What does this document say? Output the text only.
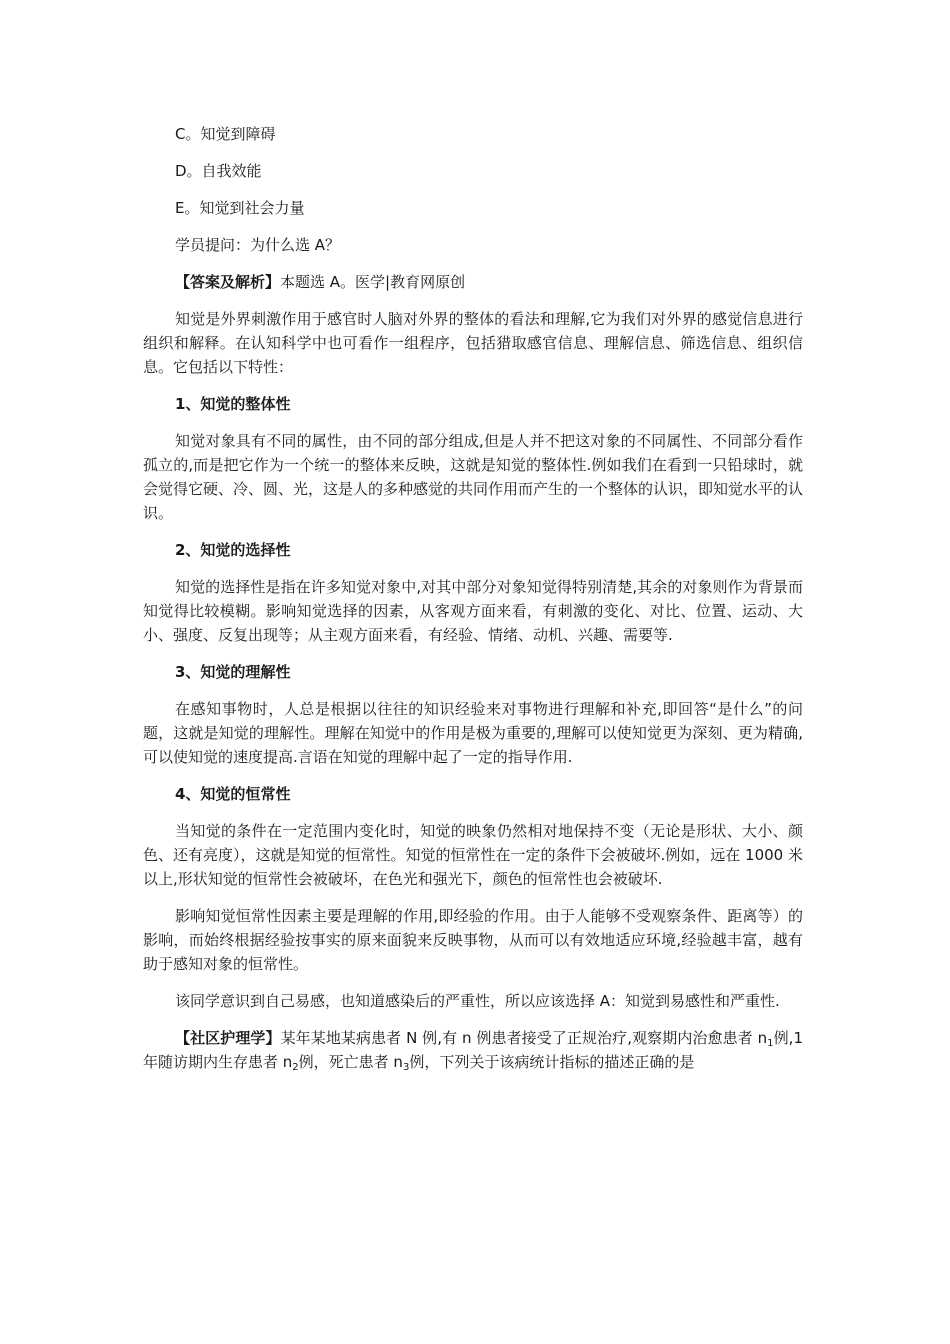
C。知觉到障碍

D。自我效能

E。知觉到社会力量

学员提问：为什么选 A？

【答案及解析】本题选 A。医学|教育网原创

知觉是外界刺激作用于感官时人脑对外界的整体的看法和理解,它为我们对外界的感觉信息进行组织和解释。在认知科学中也可看作一组程序，包括猎取感官信息、理解信息、筛选信息、组织信息。它包括以下特性：

1、知觉的整体性

知觉对象具有不同的属性，由不同的部分组成,但是人并不把这对象的不同属性、不同部分看作孤立的,而是把它作为一个统一的整体来反映，这就是知觉的整体性.例如我们在看到一只铅球时，就会觉得它硬、冷、圆、光，这是人的多种感觉的共同作用而产生的一个整体的认识，即知觉水平的认识。

2、知觉的选择性

知觉的选择性是指在许多知觉对象中,对其中部分对象知觉得特别清楚,其余的对象则作为背景而知觉得比较模糊。影响知觉选择的因素，从客观方面来看，有刺激的变化、对比、位置、运动、大小、强度、反复出现等；从主观方面来看，有经验、情绪、动机、兴趣、需要等.

3、知觉的理解性

在感知事物时，人总是根据以往往的知识经验来对事物进行理解和补充,即回答“是什么”的问题，这就是知觉的理解性。理解在知觉中的作用是极为重要的,理解可以使知觉更为深刻、更为精确,可以使知觉的速度提高.言语在知觉的理解中起了一定的指导作用.

4、知觉的恒常性

当知觉的条件在一定范围内变化时，知觉的映象仍然相对地保持不变（无论是形状、大小、颜色、还有亮度），这就是知觉的恒常性。知觉的恒常性在一定的条件下会被破坏.例如，远在 1000 米以上,形状知觉的恒常性会被破坏，在色光和强光下，颜色的恒常性也会被破坏.

影响知觉恒常性因素主要是理解的作用,即经验的作用。由于人能够不受观察条件、距离等）的影响，而始终根据经验按事实的原来面貌来反映事物，从而可以有效地适应环境,经验越丰富，越有助于感知对象的恒常性。

该同学意识到自己易感，也知道感染后的严重性，所以应该选择 A：知觉到易感性和严重性.

【社区护理学】某年某地某病患者 N 例,有 n 例患者接受了正规治疗,观察期内治愈患者 $n_1$例,1 年随访期内生存患者 $n_2$例，死亡患者 $n_3$例，下列关于该病统计指标的描述正确的是
